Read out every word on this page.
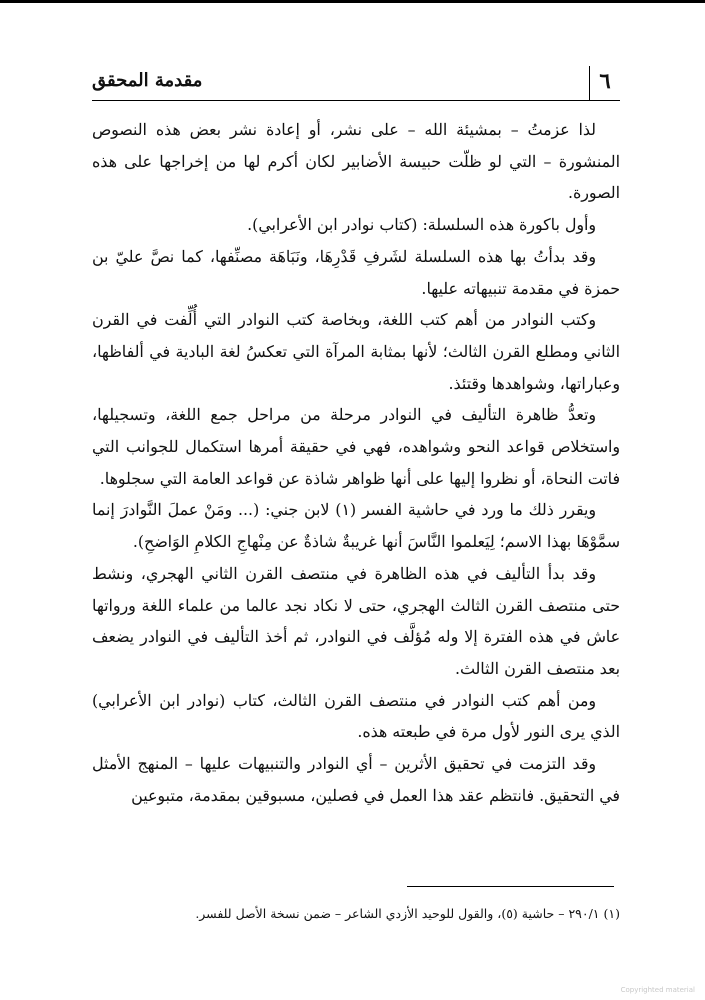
٦
مقدمة المحقق

لذا عزمتُ – بمشيئة الله – على نشر، أو إعادة نشر بعض هذه النصوص المنشورة – التي لو ظلّت حبيسة الأضابير لكان أكرم لها من إخراجها على هذه الصورة.

وأول باكورة هذه السلسلة: (كتاب نوادر ابن الأعرابي).

وقد بدأتُ بها هذه السلسلة لشَرفِ قَدْرِهَا، ونَبَاهَة مصنِّفها، كما نصَّ عليّ بن حمزة في مقدمة تنبيهاته عليها.

وكتب النوادر من أهم كتب اللغة، وبخاصة كتب النوادر التي أُلِّفت في القرن الثاني ومطلع القرن الثالث؛ لأنها بمثابة المرآة التي تعكسُ لغة البادية في ألفاظها، وعباراتها، وشواهدها وقتئذ.

وتعدُّ ظاهرة التأليف في النوادر مرحلة من مراحل جمع اللغة، وتسجيلها، واستخلاص قواعد النحو وشواهده، فهي في حقيقة أمرها استكمال للجوانب التي فاتت النحاة، أو نظروا إليها على أنها ظواهر شاذة عن قواعد العامة التي سجلوها.

ويقرر ذلك ما ورد في حاشية الفسر (١) لابن جني: (... ومَنْ عملَ النَّوادرَ إنما سمَّوْهَا بهذا الاسم؛ لِيَعلموا النَّاسَ أنها غريبةٌ شاذةٌ عن مِنْهاجِ الكلامِ الوَاضحِ).

وقد بدأ التأليف في هذه الظاهرة في منتصف القرن الثاني الهجري، ونشط حتى منتصف القرن الثالث الهجري، حتى لا نكاد نجد عالما من علماء اللغة ورواتها عاش في هذه الفترة إلا وله مُؤلَّف في النوادر، ثم أخذ التأليف في النوادر يضعف بعد منتصف القرن الثالث.

ومن أهم كتب النوادر في منتصف القرن الثالث، كتاب (نوادر ابن الأعرابي) الذي يرى النور لأول مرة في طبعته هذه.

وقد التزمت في تحقيق الأثرين – أي النوادر والتنبيهات عليها – المنهج الأمثل في التحقيق. فانتظم عقد هذا العمل في فصلين، مسبوقين بمقدمة، متبوعين

(١) ٢٩٠/١ – حاشية (٥)، والقول للوحيد الأزدي الشاعر – ضمن نسخة الأصل للفسر.
Copyrighted material
